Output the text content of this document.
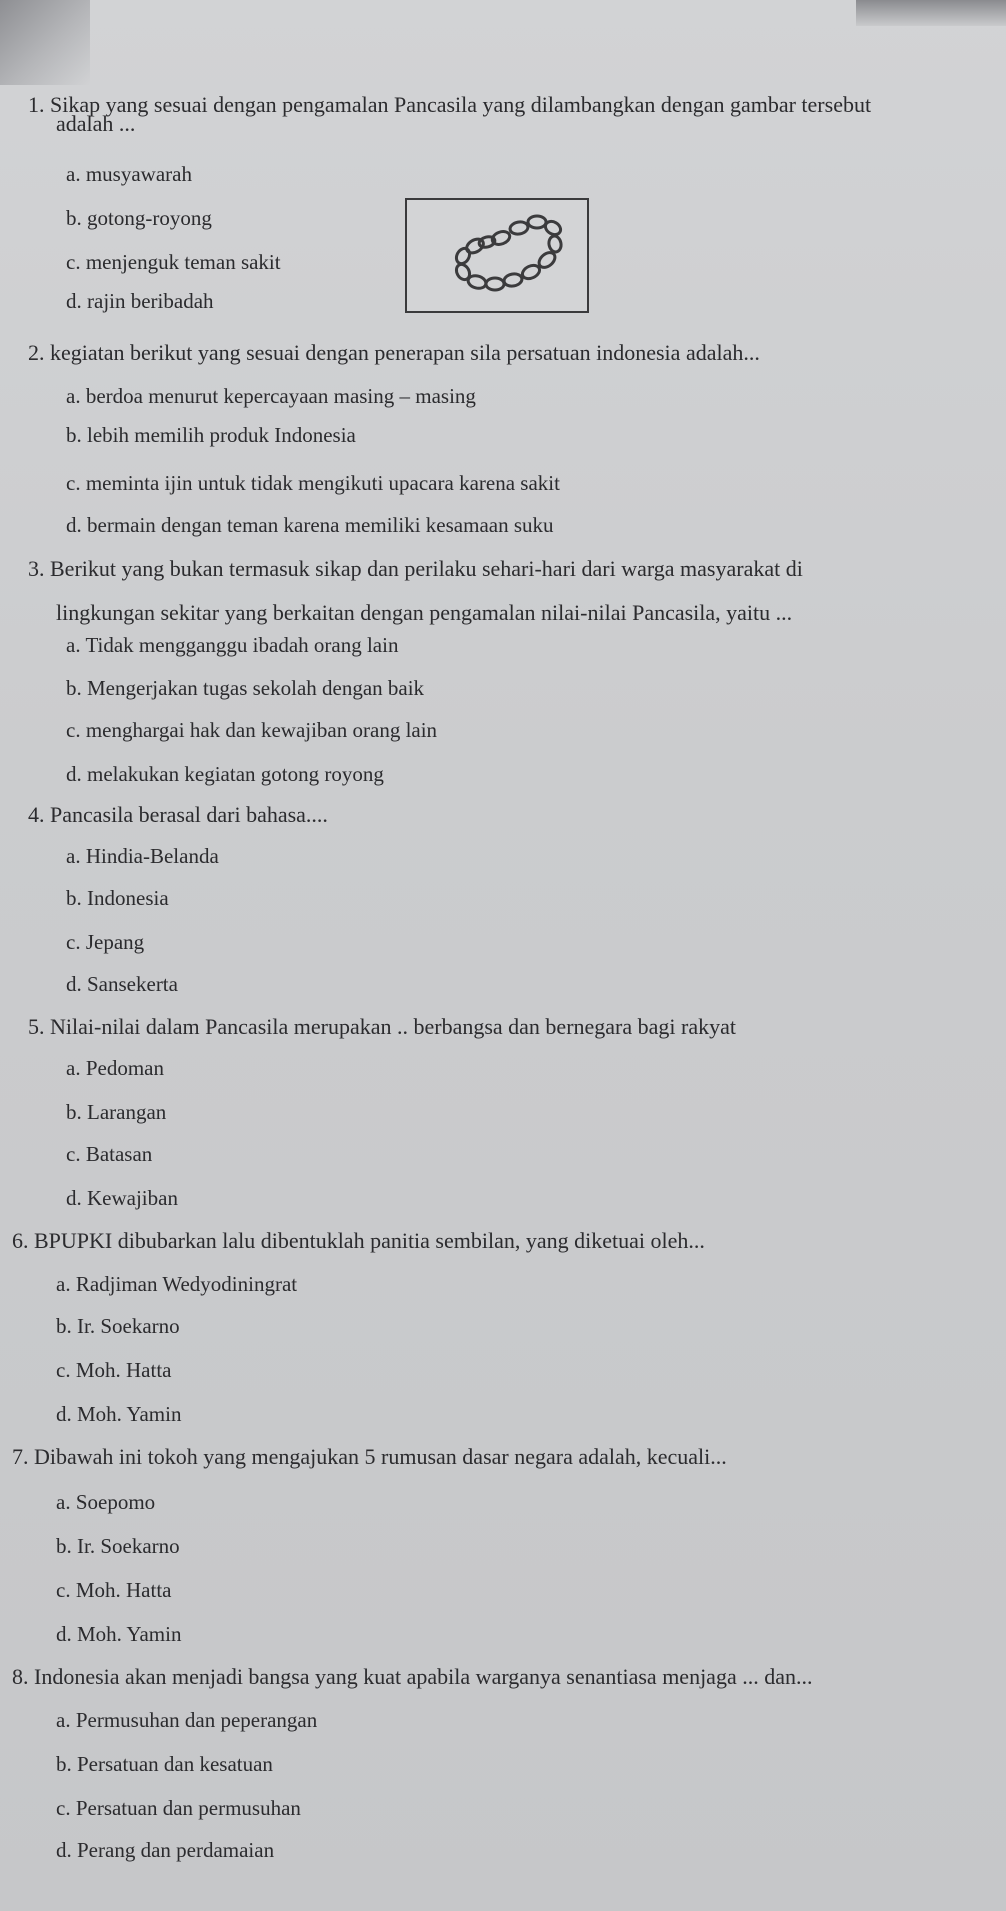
1. Sikap yang sesuai dengan pengamalan Pancasila yang dilambangkan dengan gambar tersebut
adalah ...
a. musyawarah
b. gotong-royong
c. menjenguk teman sakit
d. rajin beribadah
2. kegiatan berikut yang sesuai dengan penerapan sila persatuan indonesia adalah...
a. berdoa menurut kepercayaan masing – masing
b. lebih memilih produk Indonesia
c. meminta ijin untuk tidak mengikuti upacara karena sakit
d. bermain dengan teman karena memiliki kesamaan suku
3. Berikut yang bukan termasuk sikap dan perilaku sehari-hari dari warga masyarakat di
lingkungan sekitar yang berkaitan dengan pengamalan nilai-nilai Pancasila, yaitu ...
a. Tidak mengganggu ibadah orang lain
b. Mengerjakan tugas sekolah dengan baik
c. menghargai hak dan kewajiban orang lain
d. melakukan kegiatan gotong royong
4. Pancasila berasal dari bahasa....
a. Hindia-Belanda
b. Indonesia
c. Jepang
d. Sansekerta
5. Nilai-nilai dalam Pancasila merupakan .. berbangsa dan bernegara bagi rakyat
a. Pedoman
b. Larangan
c. Batasan
d. Kewajiban
6. BPUPKI dibubarkan lalu dibentuklah panitia sembilan, yang diketuai oleh...
a. Radjiman Wedyodiningrat
b. Ir. Soekarno
c. Moh. Hatta
d. Moh. Yamin
7. Dibawah ini tokoh yang mengajukan 5 rumusan dasar negara adalah, kecuali...
a. Soepomo
b. Ir. Soekarno
c. Moh. Hatta
d. Moh. Yamin
8. Indonesia akan menjadi bangsa yang kuat apabila warganya senantiasa menjaga ... dan...
a. Permusuhan dan peperangan
b. Persatuan dan kesatuan
c. Persatuan dan permusuhan
d. Perang dan perdamaian
